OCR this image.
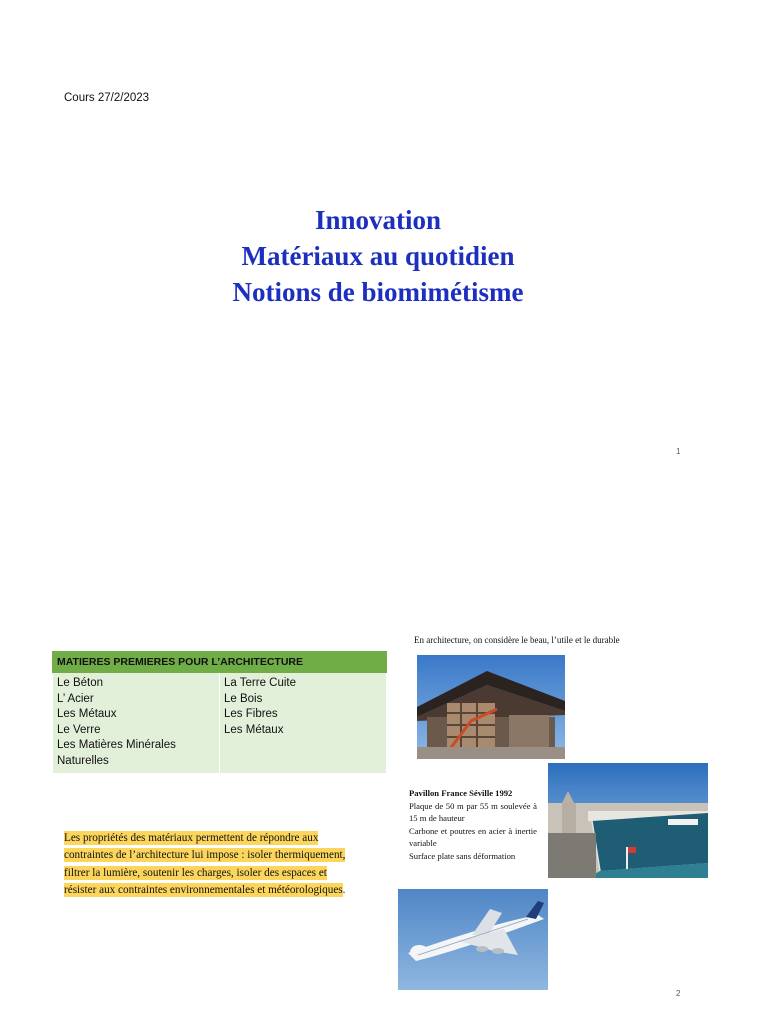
Cours 27/2/2023
Innovation
Matériaux au quotidien
Notions de biomimétisme
1
MATIERES PREMIERES POUR L’ARCHITECTURE

Le Béton
L’ Acier
Les Métaux
Le Verre
Les Matières Minérales
Naturelles

La Terre Cuite
Le Bois
Les Fibres
Les Métaux
Les propriétés des matériaux permettent de répondre aux contraintes de l’architecture lui impose : isoler thermiquement, filtrer la lumière, soutenir les charges, isoler des espaces et résister aux contraintes environnementales et météorologiques.
En architecture, on considère le beau, l’utile et le durable
Pavillon France Séville 1992
Plaque de 50 m par 55 m soulevée à 15 m de hauteur
Carbone et poutres en acier à inertie variable
Surface plate sans déformation
2
